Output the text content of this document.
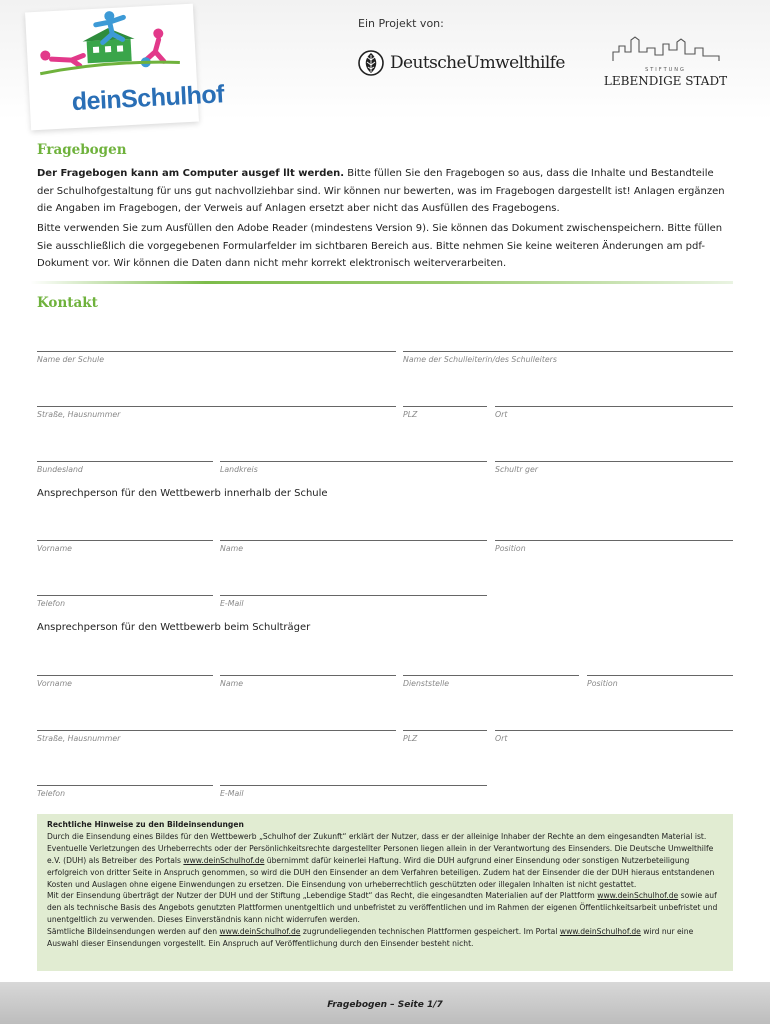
deinSchulhof
Ein Projekt von:
DeutscheUmwelthilfe	STIFTUNG
LEBENDIGE STADT
Fragebogen

Der Fragebogen kann am Computer ausgef llt werden. Bitte füllen Sie den Fragebogen so aus, dass die Inhalte und Bestandteile der Schulhofgestaltung für uns gut nachvollziehbar sind. Wir können nur bewerten, was im Fragebogen dargestellt ist! Anlagen ergänzen die Angaben im Fragebogen, der Verweis auf Anlagen ersetzt aber nicht das Ausfüllen des Fragebogens.

Bitte verwenden Sie zum Ausfüllen den Adobe Reader (mindestens Version 9). Sie können das Dokument zwischenspeichern. Bitte füllen Sie ausschließlich die vorgegebenen Formularfelder im sichtbaren Bereich aus. Bitte nehmen Sie keine weiteren Änderungen am pdf-Dokument vor. Wir können die Daten dann nicht mehr korrekt elektronisch weiterverarbeiten.

Kontakt
Name der Schule	Name der Schulleiterin/des Schulleiters
Straße, Hausnummer	PLZ	Ort
Bundesland	Landkreis	Schultr ger

Ansprechperson für den Wettbewerb innerhalb der Schule

Vorname	Name	Position
Telefon	E-Mail

Ansprechperson für den Wettbewerb beim Schulträger

Vorname	Name	Dienststelle	Position
Straße, Hausnummer	PLZ	Ort
Telefon	E-Mail
Rechtliche Hinweise zu den Bildeinsendungen

Durch die Einsendung eines Bildes für den Wettbewerb „Schulhof der Zukunft“ erklärt der Nutzer, dass er der alleinige Inhaber der Rechte an dem eingesandten Material ist. Eventuelle Verletzungen des Urheberrechts oder der Persönlichkeitsrechte dargestellter Personen liegen allein in der Verantwortung des Einsenders. Die Deutsche Umwelthilfe e.V. (DUH) als Betreiber des Portals www.deinSchulhof.de übernimmt dafür keinerlei Haftung. Wird die DUH aufgrund einer Einsendung oder sonstigen Nutzerbeteiligung erfolgreich von dritter Seite in Anspruch genommen, so wird die DUH den Einsender an dem Verfahren beteiligen. Zudem hat der Einsender die der DUH hieraus entstandenen Kosten und Auslagen ohne eigene Einwendungen zu ersetzen. Die Einsendung von urheberrechtlich geschützten oder illegalen Inhalten ist nicht gestattet.

Mit der Einsendung überträgt der Nutzer der DUH und der Stiftung „Lebendige Stadt“ das Recht, die eingesandten Materialien auf der Plattform www.deinSchulhof.de sowie auf den als technische Basis des Angebots genutzten Plattformen unentgeltlich und unbefristet zu veröffentlichen und im Rahmen der eigenen Öffentlichkeitsarbeit unbefristet und unentgeltlich zu verwenden. Dieses Einverständnis kann nicht widerrufen werden.

Sämtliche Bildeinsendungen werden auf den www.deinSchulhof.de zugrundeliegenden technischen Plattformen gespeichert. Im Portal www.deinSchulhof.de wird nur eine Auswahl dieser Einsendungen vorgestellt. Ein Anspruch auf Veröffentlichung durch den Einsender besteht nicht.

Fragebogen – Seite 1/7
